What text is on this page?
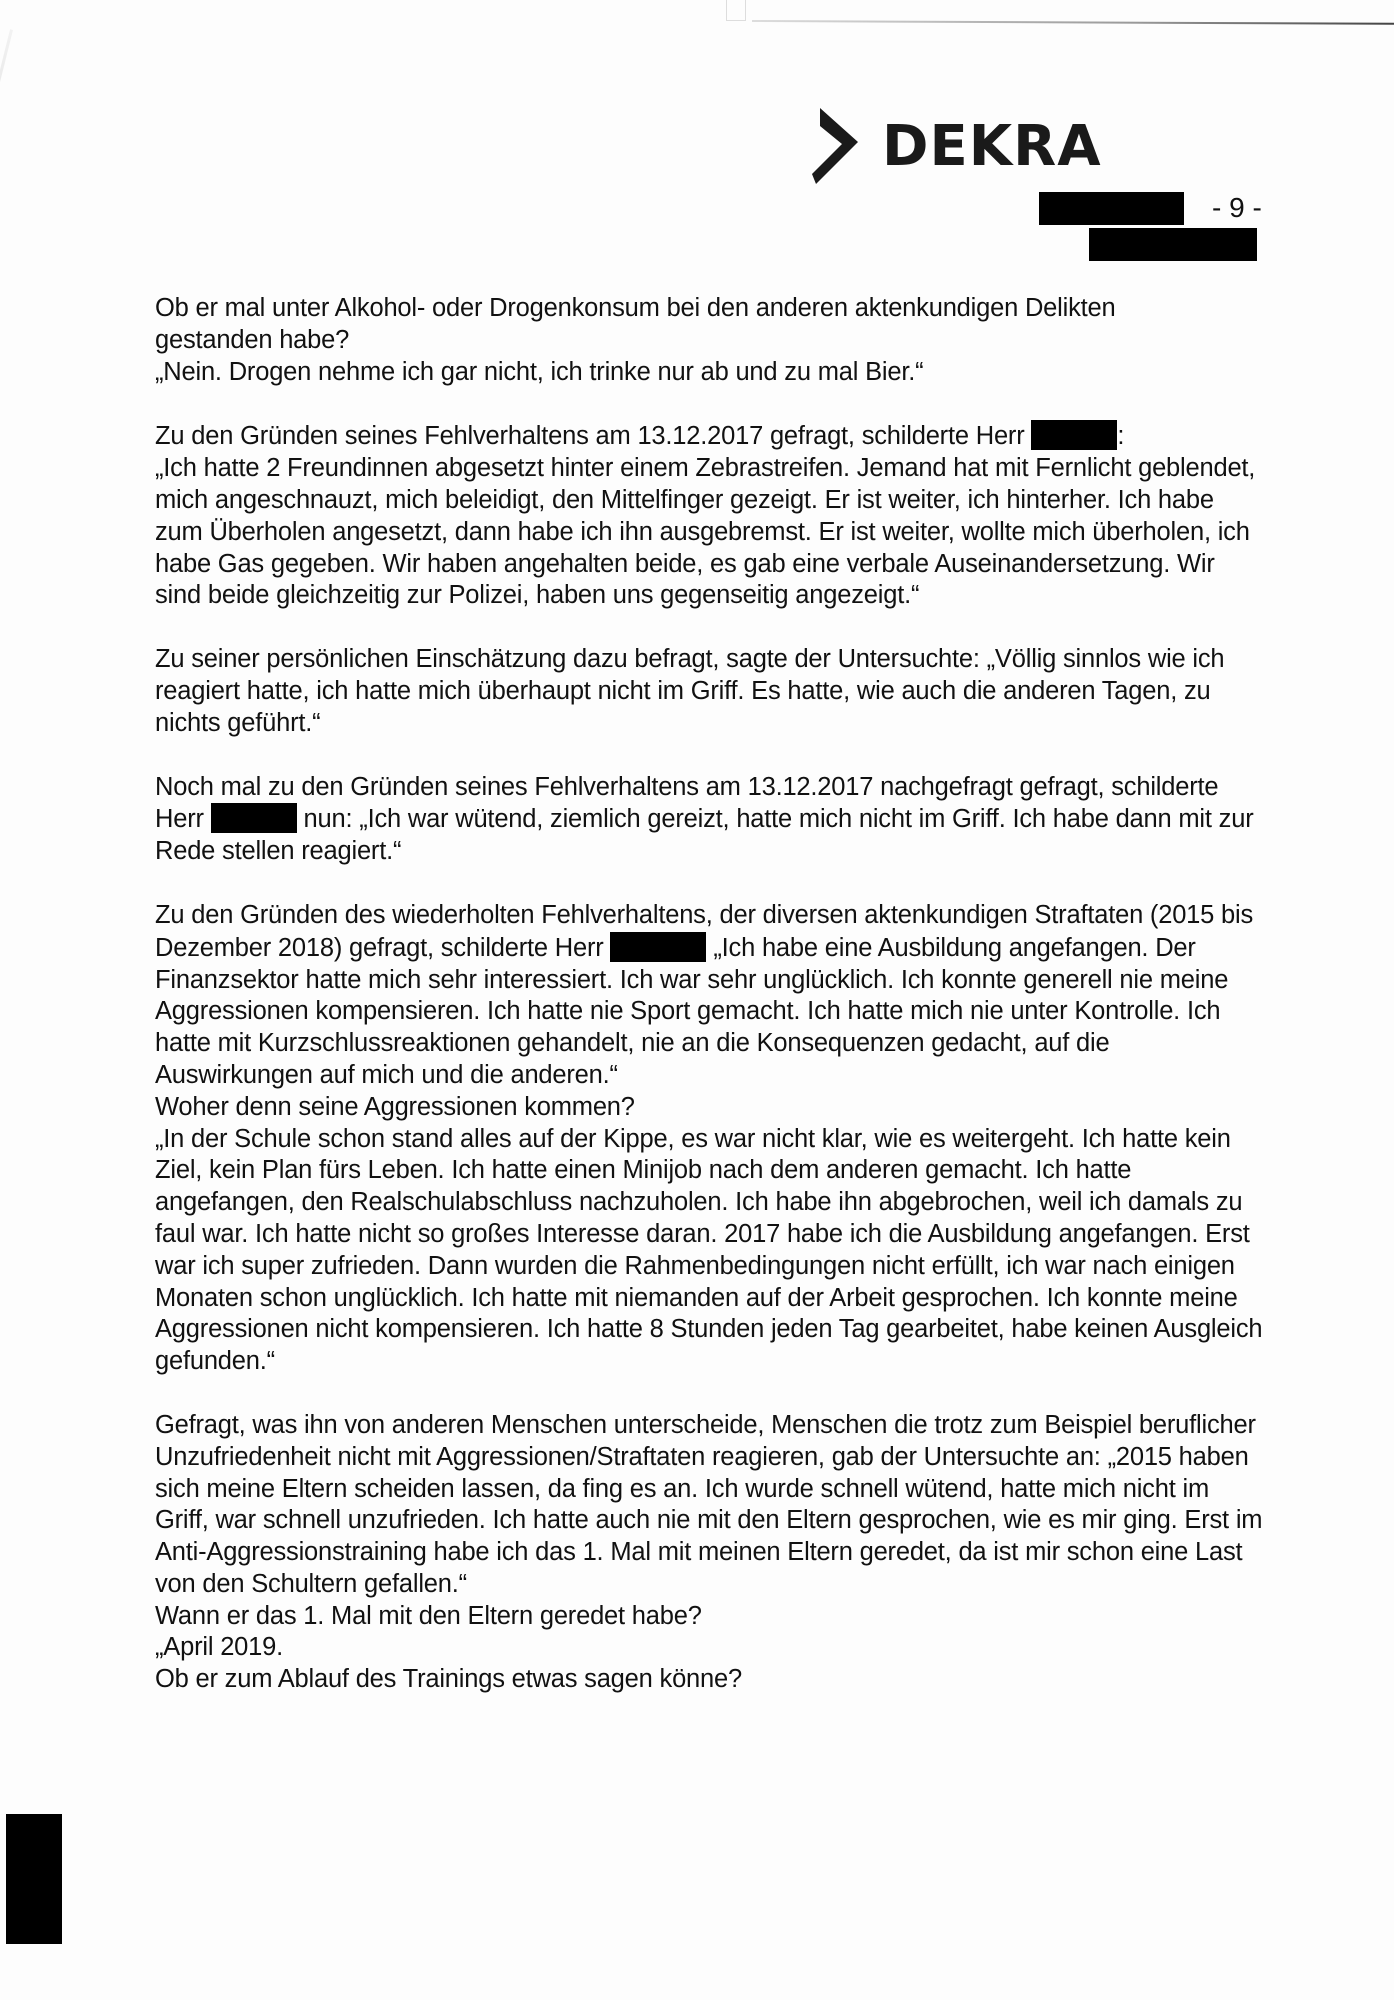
DEKRA
- 9 -

Ob er mal unter Alkohol- oder Drogenkonsum bei den anderen aktenkundigen Delikten
gestanden habe?
„Nein. Drogen nehme ich gar nicht, ich trinke nur ab und zu mal Bier.“

Zu den Gründen seines Fehlverhaltens am 13.12.2017 gefragt, schilderte Herr	:
„Ich hatte 2 Freundinnen abgesetzt hinter einem Zebrastreifen. Jemand hat mit Fernlicht geblendet, mich angeschnauzt, mich beleidigt, den Mittelfinger gezeigt. Er ist weiter, ich hinterher. Ich habe zum Überholen angesetzt, dann habe ich ihn ausgebremst. Er ist weiter, wollte mich überholen, ich habe Gas gegeben. Wir haben angehalten beide, es gab eine verbale Auseinandersetzung. Wir sind beide gleichzeitig zur Polizei, haben uns gegenseitig angezeigt.“

Zu seiner persönlichen Einschätzung dazu befragt, sagte der Untersuchte: „Völlig sinnlos wie ich reagiert hatte, ich hatte mich überhaupt nicht im Griff. Es hatte, wie auch die anderen Tagen, zu nichts geführt.“

Noch mal zu den Gründen seines Fehlverhaltens am 13.12.2017 nachgefragt gefragt, schilderte Herr	nun: „Ich war wütend, ziemlich gereizt, hatte mich nicht im Griff. Ich habe dann mit zur Rede stellen reagiert.“

Zu den Gründen des wiederholten Fehlverhaltens, der diversen aktenkundigen Straftaten (2015 bis Dezember 2018) gefragt, schilderte Herr	„Ich habe eine Ausbildung angefangen. Der Finanzsektor hatte mich sehr interessiert. Ich war sehr unglücklich. Ich konnte generell nie meine Aggressionen kompensieren. Ich hatte nie Sport gemacht. Ich hatte mich nie unter Kontrolle. Ich hatte mit Kurzschlussreaktionen gehandelt, nie an die Konsequenzen gedacht, auf die Auswirkungen auf mich und die anderen.“
Woher denn seine Aggressionen kommen?
„In der Schule schon stand alles auf der Kippe, es war nicht klar, wie es weitergeht. Ich hatte kein Ziel, kein Plan fürs Leben. Ich hatte einen Minijob nach dem anderen gemacht. Ich hatte angefangen, den Realschulabschluss nachzuholen. Ich habe ihn abgebrochen, weil ich damals zu faul war. Ich hatte nicht so großes Interesse daran. 2017 habe ich die Ausbildung angefangen. Erst war ich super zufrieden. Dann wurden die Rahmenbedingungen nicht erfüllt, ich war nach einigen Monaten schon unglücklich. Ich hatte mit niemanden auf der Arbeit gesprochen. Ich konnte meine Aggressionen nicht kompensieren. Ich hatte 8 Stunden jeden Tag gearbeitet, habe keinen Ausgleich gefunden.“

Gefragt, was ihn von anderen Menschen unterscheide, Menschen die trotz zum Beispiel beruflicher Unzufriedenheit nicht mit Aggressionen/Straftaten reagieren, gab der Untersuchte an: „2015 haben sich meine Eltern scheiden lassen, da fing es an. Ich wurde schnell wütend, hatte mich nicht im Griff, war schnell unzufrieden. Ich hatte auch nie mit den Eltern gesprochen, wie es mir ging. Erst im Anti-Aggressionstraining habe ich das 1. Mal mit meinen Eltern geredet, da ist mir schon eine Last von den Schultern gefallen.“
Wann er das 1. Mal mit den Eltern geredet habe?
„April 2019.
Ob er zum Ablauf des Trainings etwas sagen könne?
